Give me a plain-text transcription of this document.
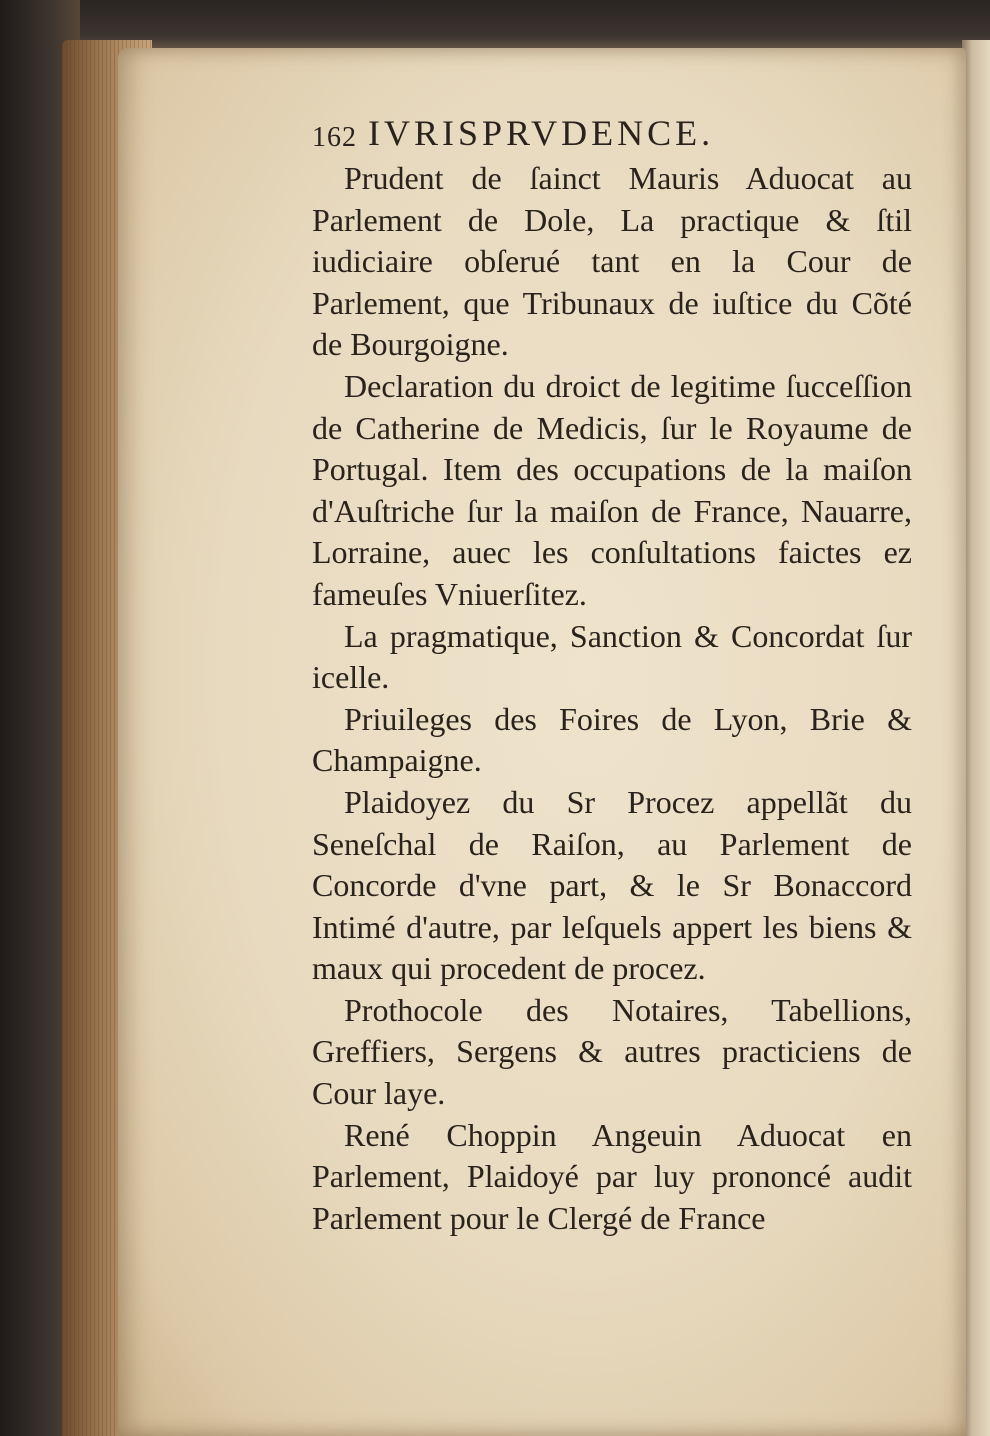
162 IVRISPRVDENCE.

Prudent de ſainct Mauris Aduocat au Parlement de Dole, La practique & ſtil iudiciaire obſerué tant en la Cour de Parlement, que Tribunaux de iuſtice du Cõté de Bourgoigne.

Declaration du droict de legitime ſucceſſion de Catherine de Medicis, ſur le Royaume de Portugal. Item des occupations de la maiſon d'Auſtriche ſur la maiſon de France, Nauarre, Lorraine, auec les conſultations faictes ez fameuſes Vniuerſitez.

La pragmatique, Sanction & Concordat ſur icelle.

Priuileges des Foires de Lyon, Brie & Champaigne.

Plaidoyez du Sr Procez appellãt du Seneſchal de Raiſon, au Parlement de Concorde d'vne part, & le Sr Bonaccord Intimé d'autre, par leſquels appert les biens & maux qui procedent de procez.

Prothocole des Notaires, Tabellions, Greffiers, Sergens & autres practiciens de Cour laye.

René Choppin Angeuin Aduocat en Parlement, Plaidoyé par luy prononcé audit Parlement pour le Clergé de France
